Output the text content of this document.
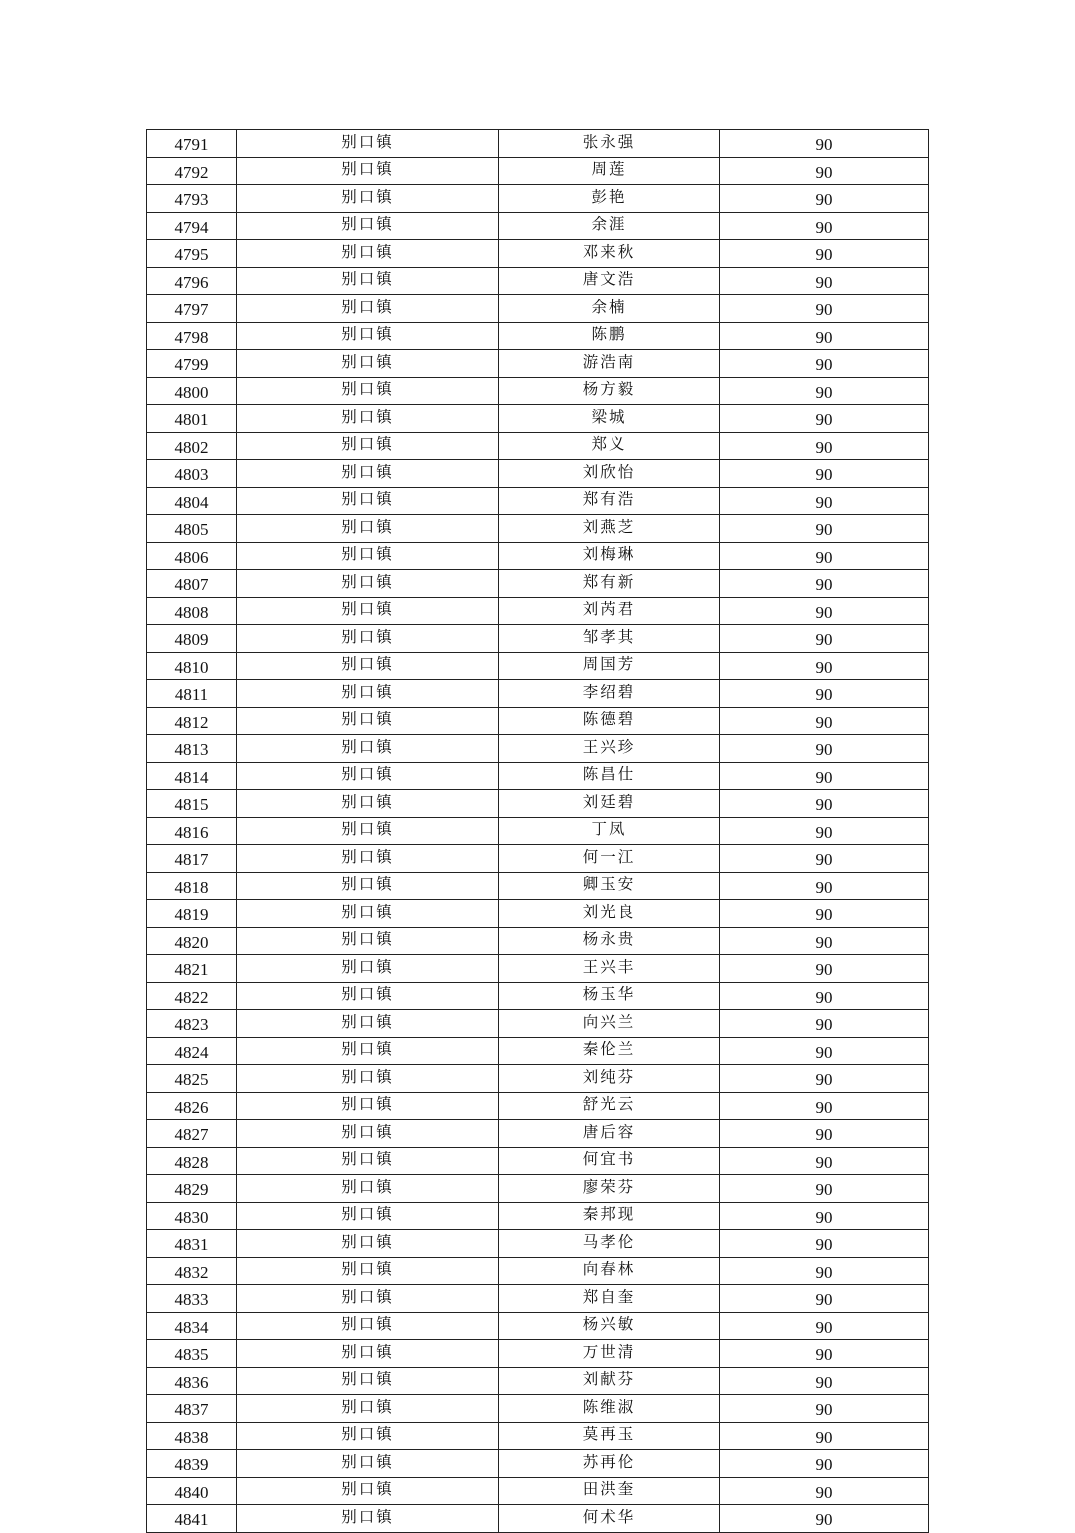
4791	别口镇	张永强	90
4792	别口镇	周莲	90
4793	别口镇	彭艳	90
4794	别口镇	余涯	90
4795	别口镇	邓来秋	90
4796	别口镇	唐文浩	90
4797	别口镇	余楠	90
4798	别口镇	陈鹏	90
4799	别口镇	游浩南	90
4800	别口镇	杨方毅	90
4801	别口镇	梁城	90
4802	别口镇	郑义	90
4803	别口镇	刘欣怡	90
4804	别口镇	郑有浩	90
4805	别口镇	刘燕芝	90
4806	别口镇	刘梅琳	90
4807	别口镇	郑有新	90
4808	别口镇	刘芮君	90
4809	别口镇	邹孝其	90
4810	别口镇	周国芳	90
4811	别口镇	李绍碧	90
4812	别口镇	陈德碧	90
4813	别口镇	王兴珍	90
4814	别口镇	陈昌仕	90
4815	别口镇	刘廷碧	90
4816	别口镇	丁凤	90
4817	别口镇	何一江	90
4818	别口镇	卿玉安	90
4819	别口镇	刘光良	90
4820	别口镇	杨永贵	90
4821	别口镇	王兴丰	90
4822	别口镇	杨玉华	90
4823	别口镇	向兴兰	90
4824	别口镇	秦伦兰	90
4825	别口镇	刘纯芬	90
4826	别口镇	舒光云	90
4827	别口镇	唐后容	90
4828	别口镇	何宜书	90
4829	别口镇	廖荣芬	90
4830	别口镇	秦邦现	90
4831	别口镇	马孝伦	90
4832	别口镇	向春林	90
4833	别口镇	郑自奎	90
4834	别口镇	杨兴敏	90
4835	别口镇	万世清	90
4836	别口镇	刘献芬	90
4837	别口镇	陈维淑	90
4838	别口镇	莫再玉	90
4839	别口镇	苏再伦	90
4840	别口镇	田洪奎	90
4841	别口镇	何术华	90
